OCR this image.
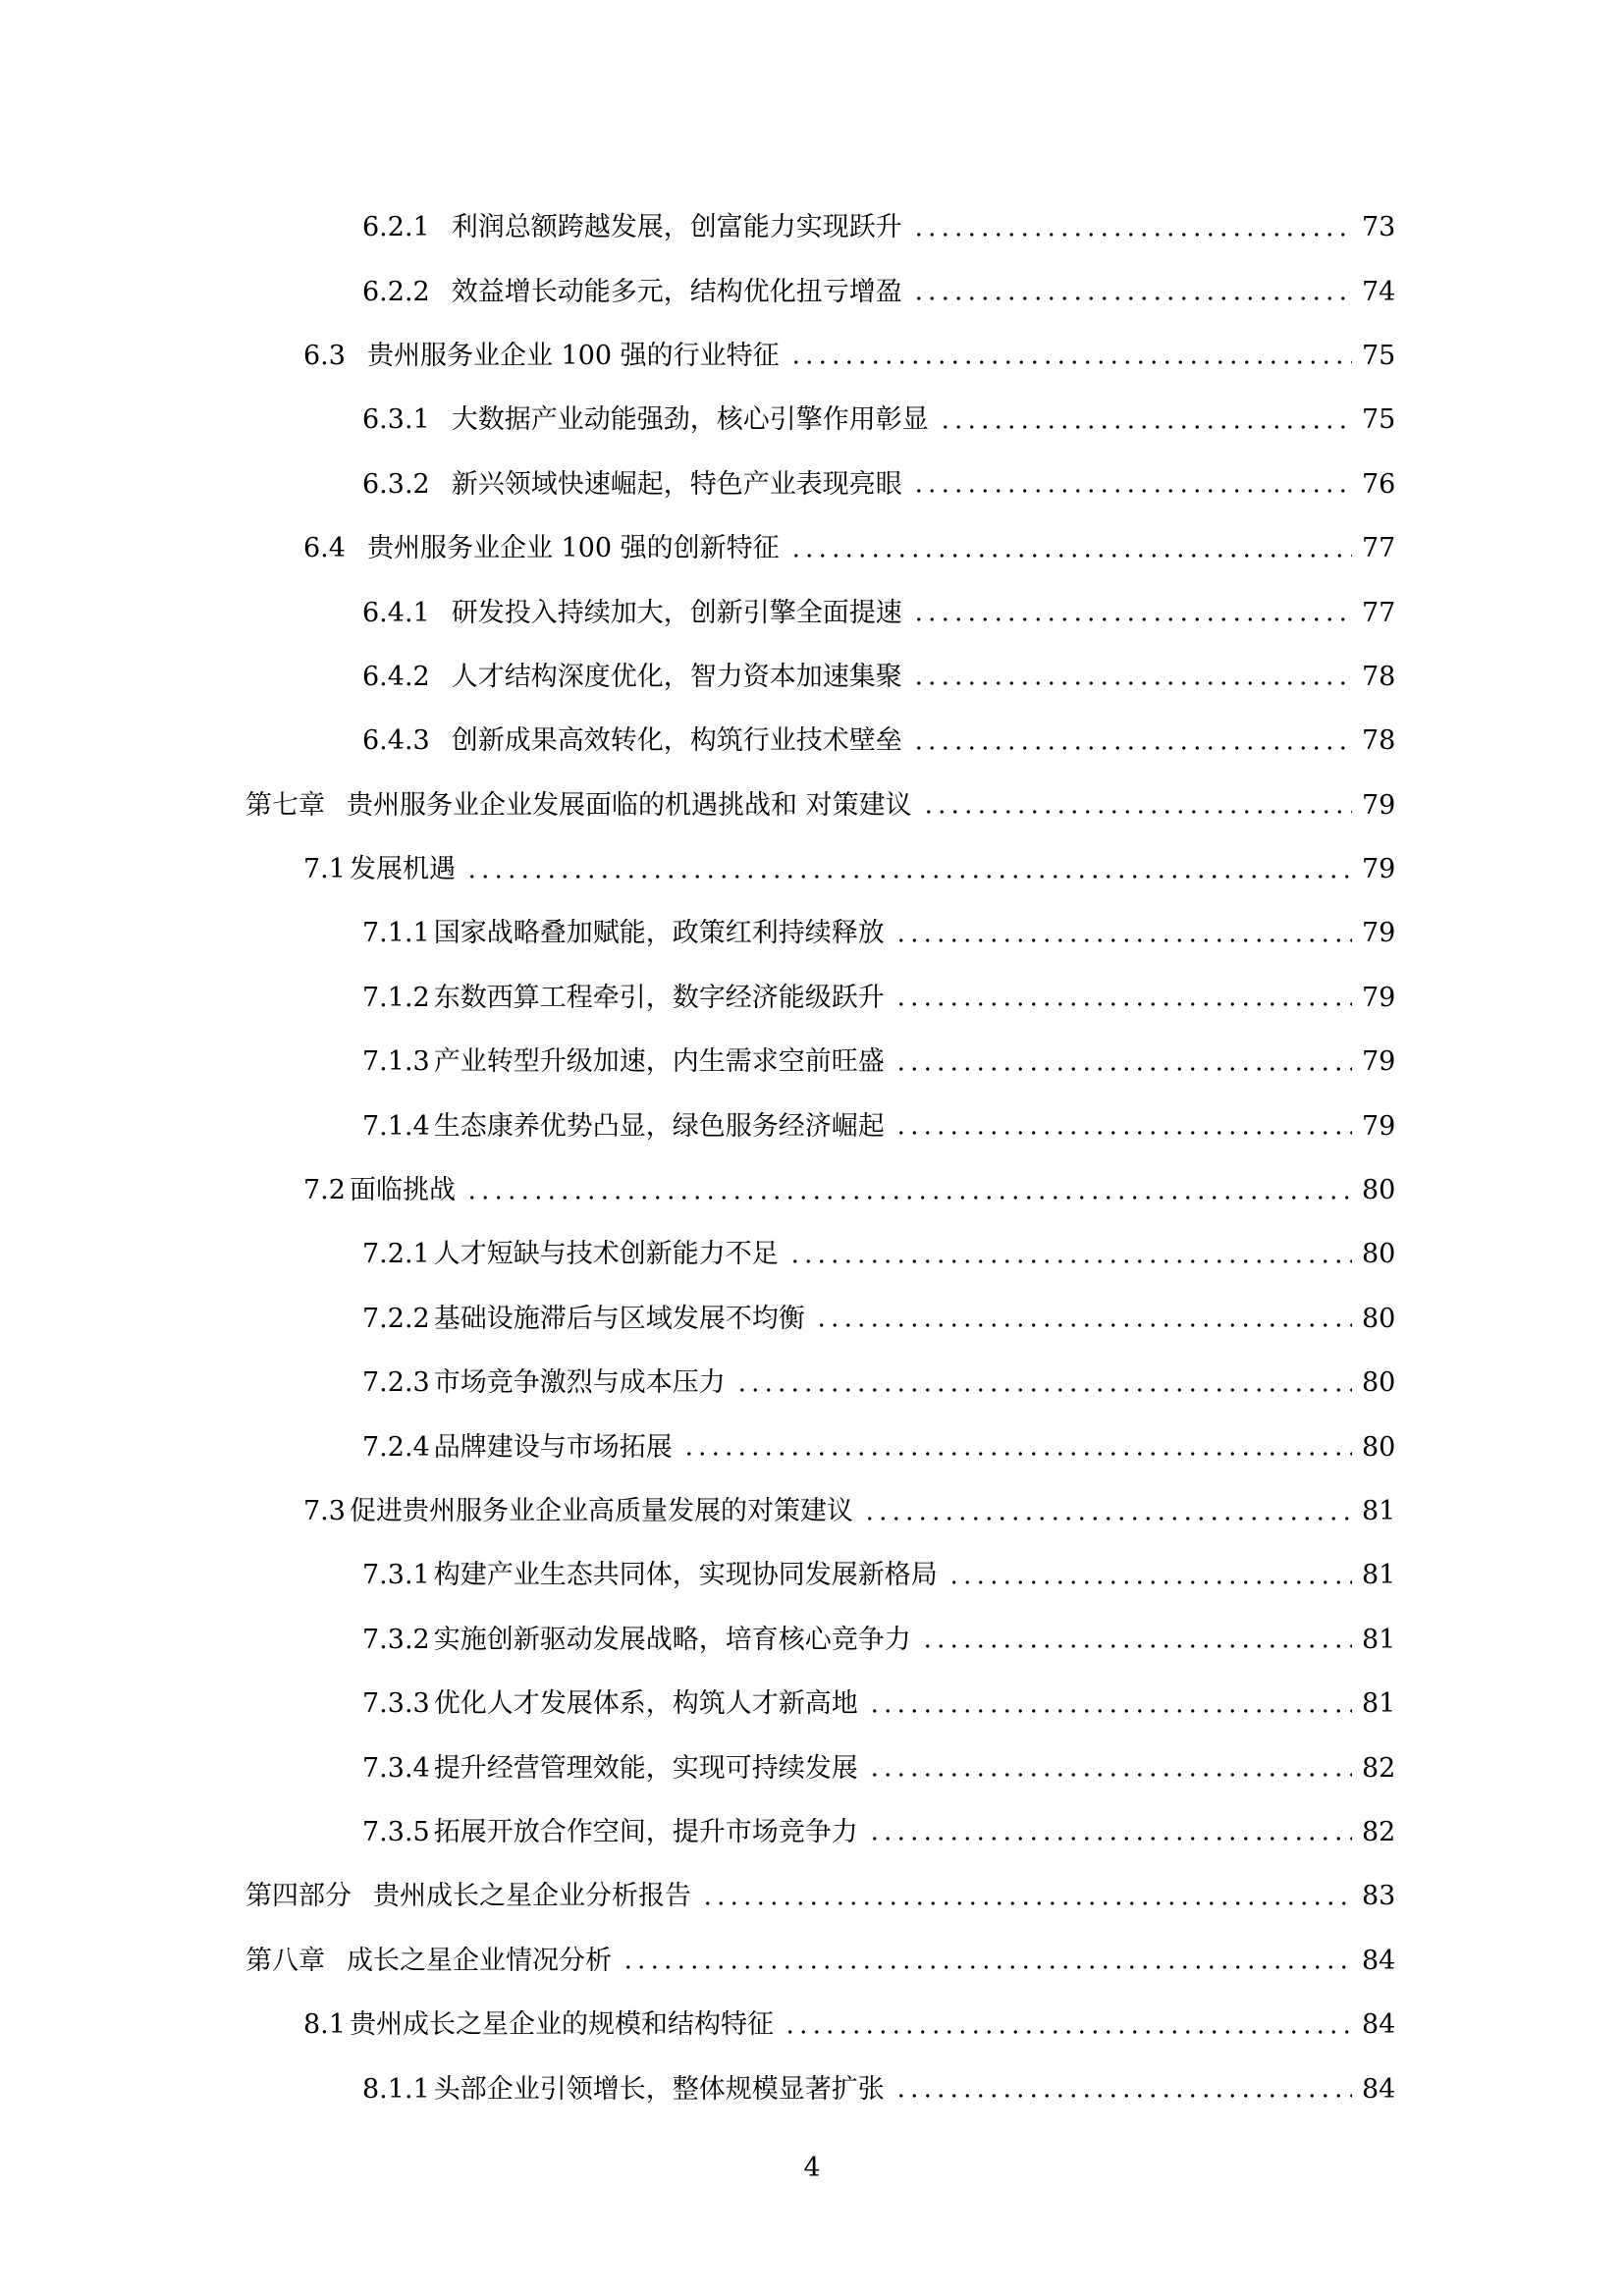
6.2.1 利润总额跨越发展，创富能力实现跃升	73
6.2.2 效益增长动能多元，结构优化扭亏增盈	74
6.3 贵州服务业企业 100 强的行业特征	75
6.3.1 大数据产业动能强劲，核心引擎作用彰显	75
6.3.2 新兴领域快速崛起，特色产业表现亮眼	76
6.4 贵州服务业企业 100 强的创新特征	77
6.4.1 研发投入持续加大，创新引擎全面提速	77
6.4.2 人才结构深度优化，智力资本加速集聚	78
6.4.3 创新成果高效转化，构筑行业技术壁垒	78
第七章 贵州服务业企业发展面临的机遇挑战和 对策建议	79
7.1 发展机遇	79
7.1.1 国家战略叠加赋能，政策红利持续释放	79
7.1.2 东数西算工程牵引，数字经济能级跃升	79
7.1.3 产业转型升级加速，内生需求空前旺盛	79
7.1.4 生态康养优势凸显，绿色服务经济崛起	79
7.2 面临挑战	80
7.2.1 人才短缺与技术创新能力不足	80
7.2.2 基础设施滞后与区域发展不均衡	80
7.2.3 市场竞争激烈与成本压力	80
7.2.4 品牌建设与市场拓展	80
7.3 促进贵州服务业企业高质量发展的对策建议	81
7.3.1 构建产业生态共同体，实现协同发展新格局	81
7.3.2 实施创新驱动发展战略，培育核心竞争力	81
7.3.3 优化人才发展体系，构筑人才新高地	81
7.3.4 提升经营管理效能，实现可持续发展	82
7.3.5 拓展开放合作空间，提升市场竞争力	82
第四部分 贵州成长之星企业分析报告	83
第八章 成长之星企业情况分析	84
8.1 贵州成长之星企业的规模和结构特征	84
8.1.1 头部企业引领增长，整体规模显著扩张	84
4
